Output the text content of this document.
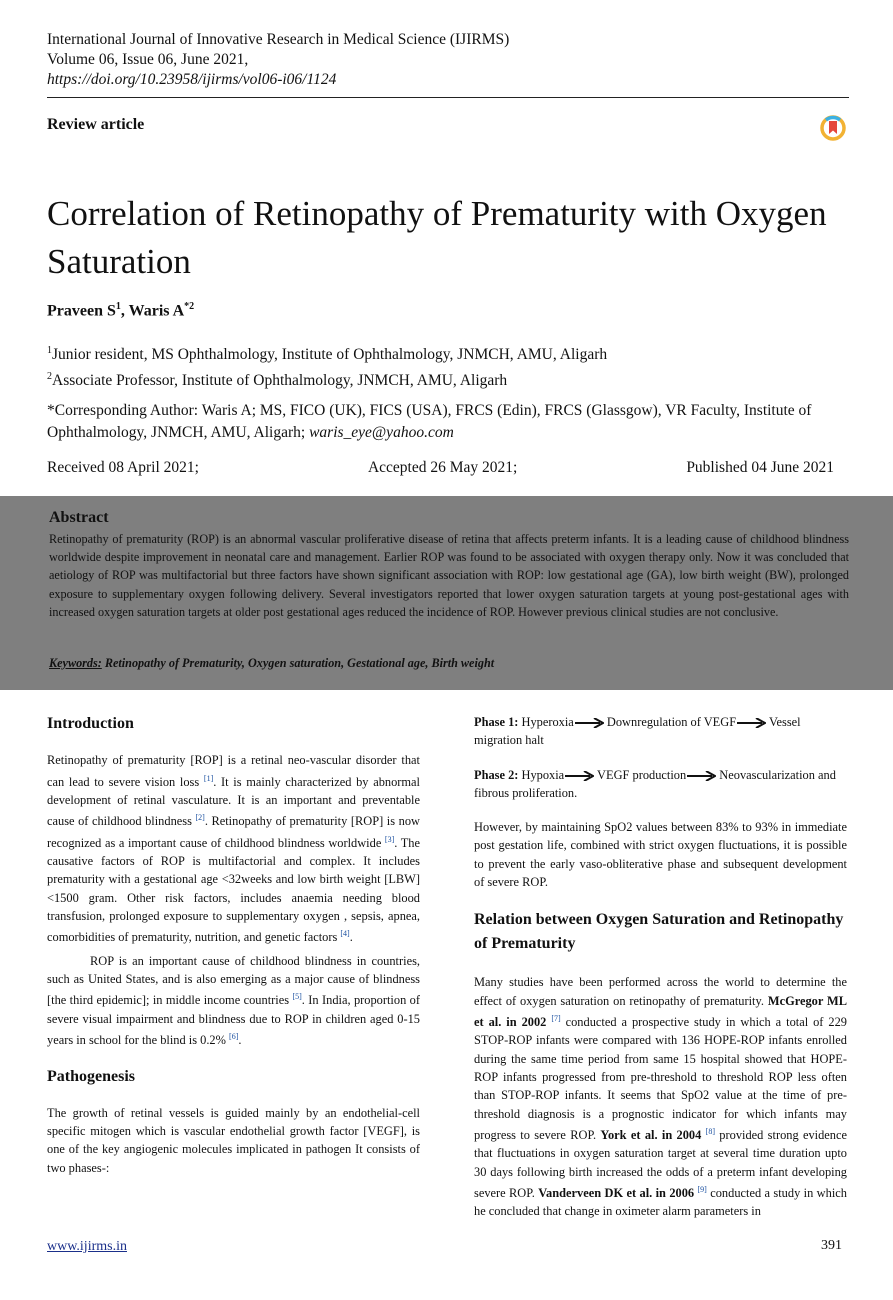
International Journal of Innovative Research in Medical Science (IJIRMS)
Volume 06, Issue 06, June 2021,
https://doi.org/10.23958/ijirms/vol06-i06/1124
Review article
Correlation of Retinopathy of Prematurity with Oxygen Saturation
Praveen $S^1$, Waris $A^{*2}$
$^1$Junior resident, MS Ophthalmology, Institute of Ophthalmology, JNMCH, AMU, Aligarh
$^2$Associate Professor, Institute of Ophthalmology, JNMCH, AMU, Aligarh
*Corresponding Author: Waris A; MS, FICO (UK), FICS (USA), FRCS (Edin), FRCS (Glassgow), VR Faculty, Institute of Ophthalmology, JNMCH, AMU, Aligarh; waris_eye@yahoo.com
Received 08 April 2021;	Accepted 26 May 2021;	Published 04 June 2021
Abstract
Retinopathy of prematurity (ROP) is an abnormal vascular proliferative disease of retina that affects preterm infants. It is a leading cause of childhood blindness worldwide despite improvement in neonatal care and management. Earlier ROP was found to be associated with oxygen therapy only. Now it was concluded that aetiology of ROP was multifactorial but three factors have shown significant association with ROP: low gestational age (GA), low birth weight (BW), prolonged exposure to supplementary oxygen following delivery. Several investigators reported that lower oxygen saturation targets at young post-gestational ages with increased oxygen saturation targets at older post gestational ages reduced the incidence of ROP. However previous clinical studies are not conclusive.
Keywords: Retinopathy of Prematurity, Oxygen saturation, Gestational age, Birth weight
Introduction

Retinopathy of prematurity [ROP] is a retinal neo-vascular disorder that can lead to severe vision loss [1]. It is mainly characterized by abnormal development of retinal vasculature. It is an important and preventable cause of childhood blindness [2]. Retinopathy of prematurity [ROP] is now recognized as a important cause of childhood blindness worldwide [3]. The causative factors of ROP is multifactorial and complex. It includes prematurity with a gestational age <32weeks and low birth weight [LBW] <1500 gram. Other risk factors, includes anaemia needing blood transfusion, prolonged exposure to supplementary oxygen , sepsis, apnea, comorbidities of prematurity, nutrition, and genetic factors [4].

ROP is an important cause of childhood blindness in countries, such as United States, and is also emerging as a major cause of blindness [the third epidemic]; in middle income countries [5]. In India, proportion of severe visual impairment and blindness due to ROP in children aged 0-15 years in school for the blind is 0.2% [6].

Pathogenesis

The growth of retinal vessels is guided mainly by an endothelial-cell specific mitogen which is vascular endothelial growth factor [VEGF], is one of the key angiogenic molecules implicated in pathogen It consists of two phases-:

Phase 1: Hyperoxia Downregulation of VEGF Vessel migration halt

Phase 2: Hypoxia VEGF production Neovascularization and fibrous proliferation.

However, by maintaining SpO2 values between 83% to 93% in immediate post gestation life, combined with strict oxygen fluctuations, it is possible to prevent the early vaso-obliterative phase and subsequent development of severe ROP.

Relation between Oxygen Saturation and Retinopathy of Prematurity

Many studies have been performed across the world to determine the effect of oxygen saturation on retinopathy of prematurity. McGregor ML et al. in 2002 [7] conducted a prospective study in which a total of 229 STOP-ROP infants were compared with 136 HOPE-ROP infants enrolled during the same time period from same 15 hospital showed that HOPE-ROP infants progressed from pre-threshold to threshold ROP less often than STOP-ROP infants. It seems that SpO2 value at the time of pre-threshold diagnosis is a prognostic indicator for which infants may progress to severe ROP. York et al. in 2004 [8] provided strong evidence that fluctuations in oxygen saturation target at several time duration upto 30 days following birth increased the odds of a preterm infant developing severe ROP. Vanderveen DK et al. in 2006 [9] conducted a study in which he concluded that change in oximeter alarm parameters in

www.ijirms.in	391
